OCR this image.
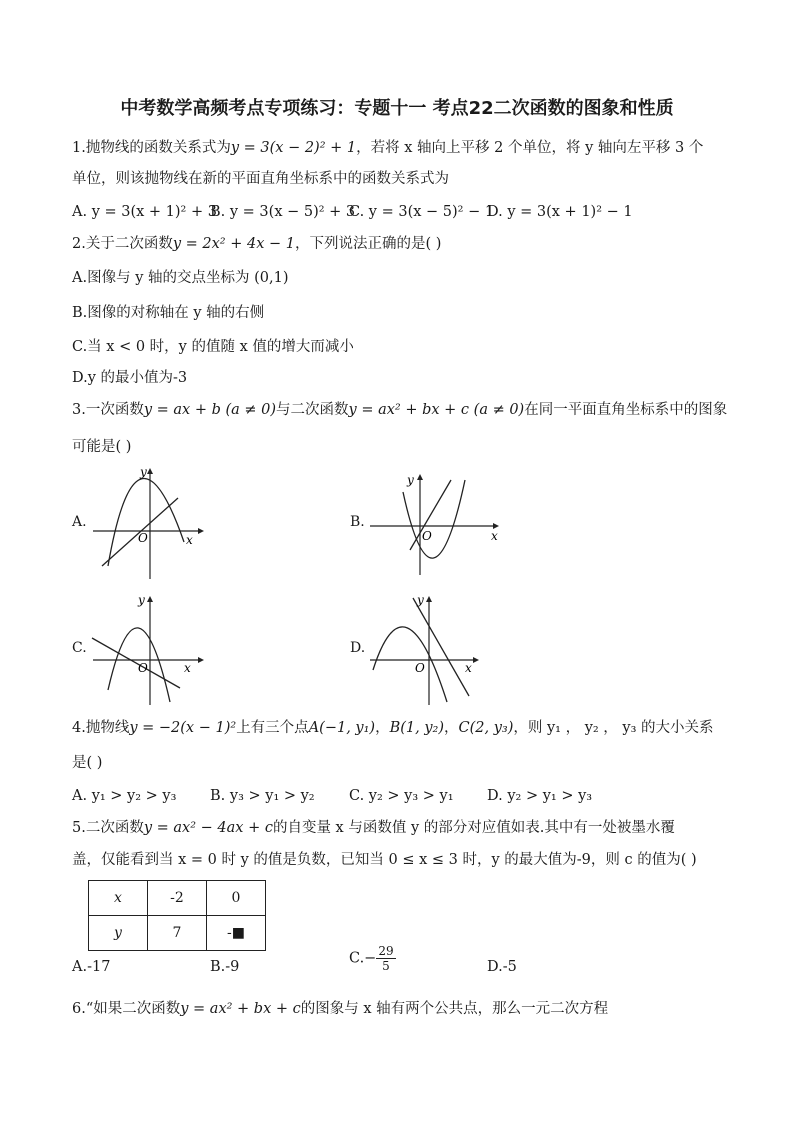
中考数学高频考点专项练习：专题十一 考点22二次函数的图象和性质
1.抛物线的函数关系式为y = 3(x − 2)² + 1，若将 x 轴向上平移 2 个单位，将 y 轴向左平移 3 个
单位，则该抛物线在新的平面直角坐标系中的函数关系式为
A. y = 3(x + 1)² + 3
B. y = 3(x − 5)² + 3
C. y = 3(x − 5)² − 1
D. y = 3(x + 1)² − 1
2.关于二次函数y = 2x² + 4x − 1，下列说法正确的是( )
A.图像与 y 轴的交点坐标为 (0,1)
B.图像的对称轴在 y 轴的右侧
C.当 x < 0 时，y 的值随 x 值的增大而减小
D.y 的最小值为-3
3.一次函数y = ax + b (a ≠ 0)与二次函数y = ax² + bx + c (a ≠ 0)在同一平面直角坐标系中的图象
可能是( )
A.
x
y
O
B.
x
y
O
C.
x
y
O
D.
x
y
O
4.抛物线y = −2(x − 1)²上有三个点A(−1, y₁)，B(1, y₂)，C(2, y₃)，则 y₁ ， y₂ ， y₃ 的大小关系
是( )
A. y₁ > y₂ > y₃ B. y₃ > y₁ > y₂ C. y₂ > y₃ > y₁ D. y₂ > y₁ > y₃
5.二次函数y = ax² − 4ax + c的自变量 x 与函数值 y 的部分对应值如表.其中有一处被墨水覆
盖，仅能看到当 x = 0 时 y 的值是负数，已知当 0 ≤ x ≤ 3 时，y 的最大值为-9，则 c 的值为( )
x	-2	0
y	7	-■
A.-17	B.-9
$C.- \frac{29}{5}$	D.-5
6.“如果二次函数y = ax² + bx + c的图象与 x 轴有两个公共点，那么一元二次方程
